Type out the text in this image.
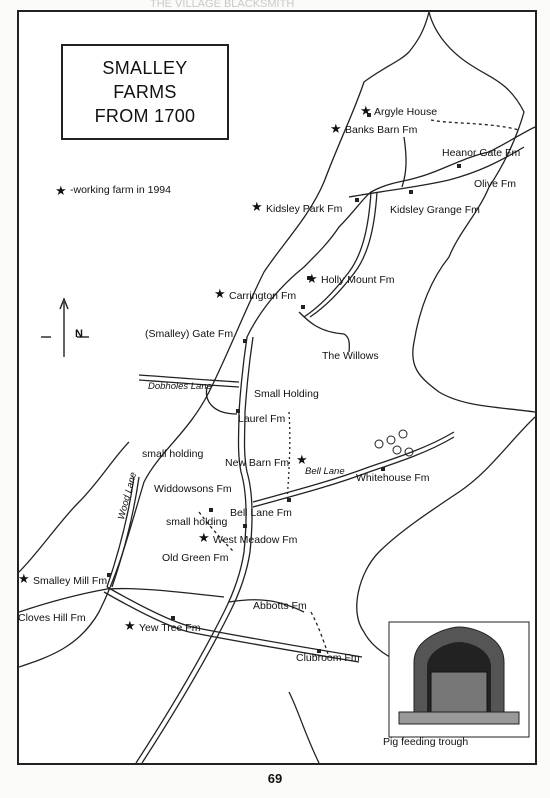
THE VILLAGE BLACKSMITH
SMALLEY
FARMS
FROM 1700
★ -working farm in 1994
N
★ Argyle House
★ Banks Barn Fm
Heanor Gate Fm
Olive Fm
★ Kidsley Park Fm	Kidsley Grange Fm
★ Holly Mount Fm
★ Carrington Fm
(Smalley) Gate Fm
The Willows
Dobholes Lane
Small Holding
Laurel Fm
small holding
New Barn Fm ★
Bell Lane
Whitehouse Fm
Widdowsons Fm
Bell Lane Fm
small holding
★ West Meadow Fm
Old Green Fm
Wood Lane
★ Smalley Mill Fm
Cloves Hill Fm	★ Yew Tree Fm
Abbotts Fm
Clubroom Fm
Pig feeding trough
69
